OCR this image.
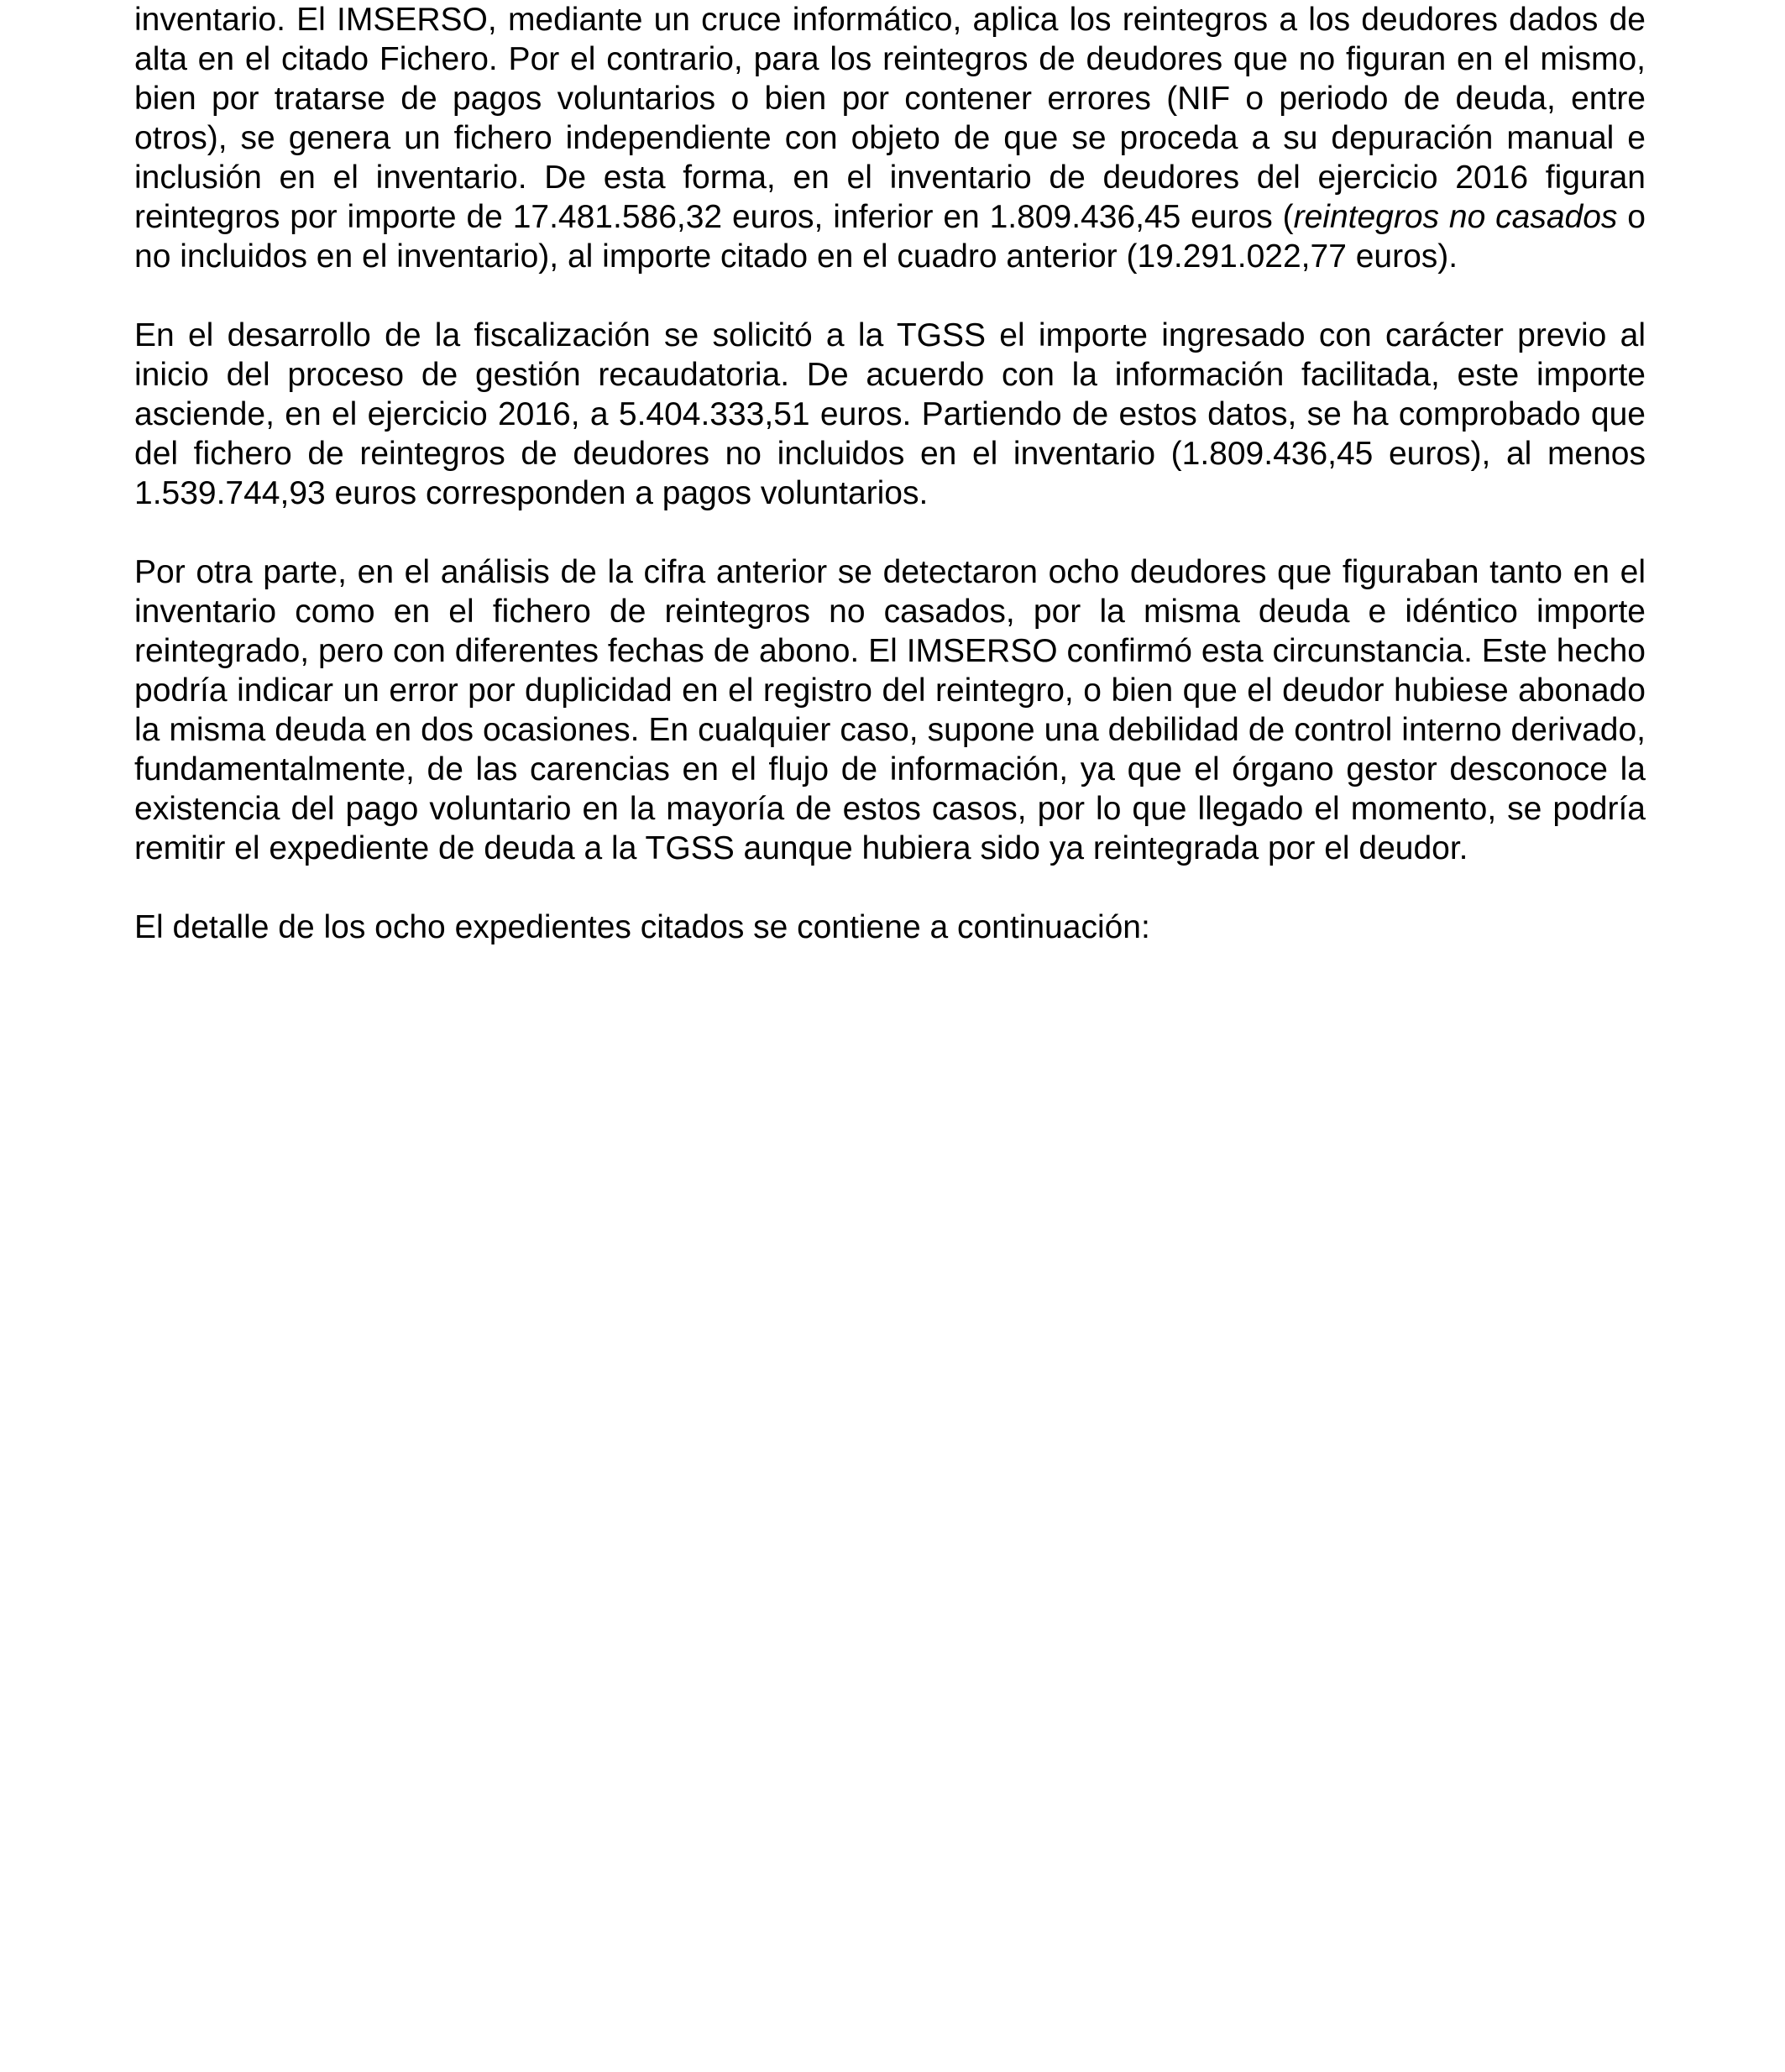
inventario. El IMSERSO, mediante un cruce informático, aplica los reintegros a los deudores dados de alta en el citado Fichero. Por el contrario, para los reintegros de deudores que no figuran en el mismo, bien por tratarse de pagos voluntarios o bien por contener errores (NIF o periodo de deuda, entre otros), se genera un fichero independiente con objeto de que se proceda a su depuración manual e inclusión en el inventario. De esta forma, en el inventario de deudores del ejercicio 2016 figuran reintegros por importe de 17.481.586,32 euros, inferior en 1.809.436,45 euros (reintegros no casados o no incluidos en el inventario), al importe citado en el cuadro anterior (19.291.022,77 euros).

En el desarrollo de la fiscalización se solicitó a la TGSS el importe ingresado con carácter previo al inicio del proceso de gestión recaudatoria. De acuerdo con la información facilitada, este importe asciende, en el ejercicio 2016, a 5.404.333,51 euros. Partiendo de estos datos, se ha comprobado que del fichero de reintegros de deudores no incluidos en el inventario (1.809.436,45 euros), al menos 1.539.744,93 euros corresponden a pagos voluntarios.

Por otra parte, en el análisis de la cifra anterior se detectaron ocho deudores que figuraban tanto en el inventario como en el fichero de reintegros no casados, por la misma deuda e idéntico importe reintegrado, pero con diferentes fechas de abono. El IMSERSO confirmó esta circunstancia. Este hecho podría indicar un error por duplicidad en el registro del reintegro, o bien que el deudor hubiese abonado la misma deuda en dos ocasiones. En cualquier caso, supone una debilidad de control interno derivado, fundamentalmente, de las carencias en el flujo de información, ya que el órgano gestor desconoce la existencia del pago voluntario en la mayoría de estos casos, por lo que llegado el momento, se podría remitir el expediente de deuda a la TGSS aunque hubiera sido ya reintegrada por el deudor.

El detalle de los ocho expedientes citados se contiene a continuación:
